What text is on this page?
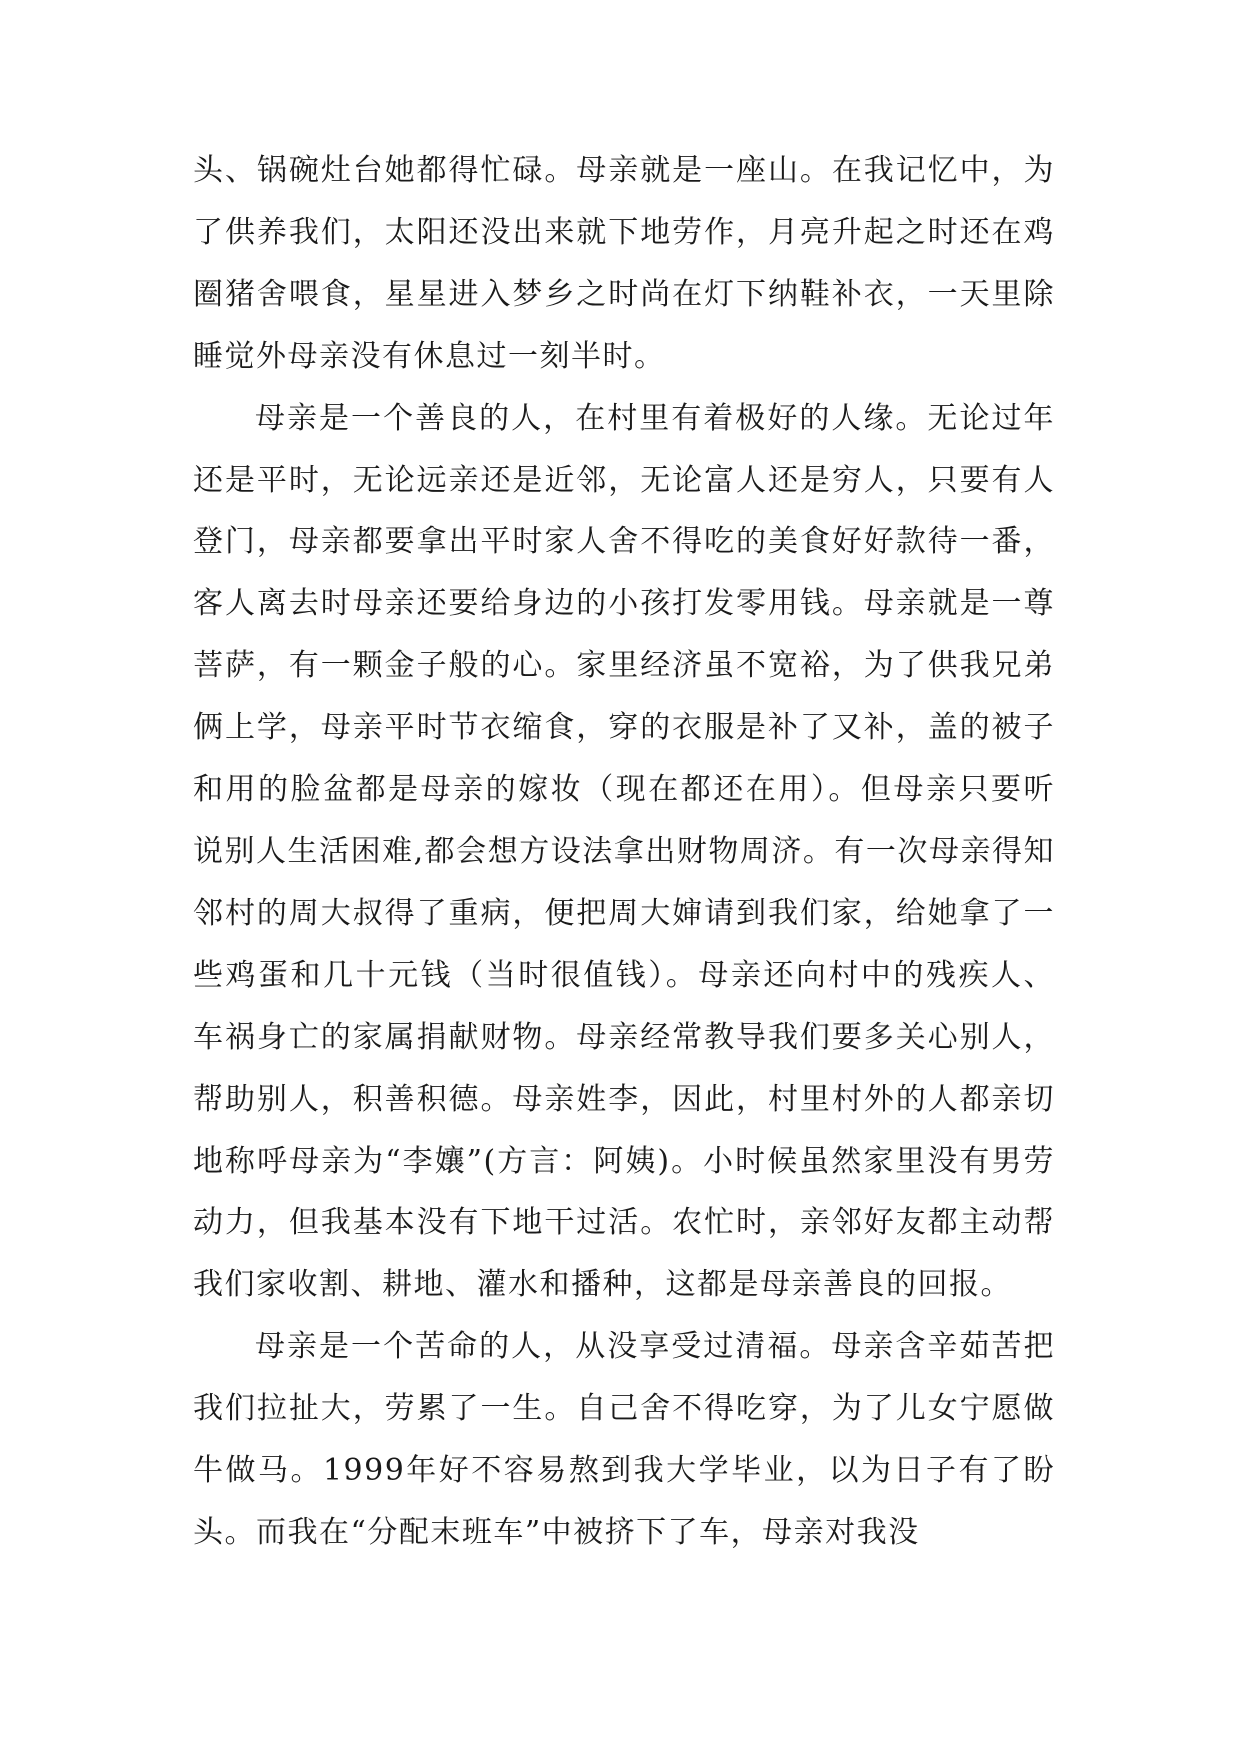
头、锅碗灶台她都得忙碌。母亲就是一座山。在我记忆中，为了供养我们，太阳还没出来就下地劳作，月亮升起之时还在鸡圈猪舍喂食，星星进入梦乡之时尚在灯下纳鞋补衣，一天里除睡觉外母亲没有休息过一刻半时。

母亲是一个善良的人，在村里有着极好的人缘。无论过年还是平时，无论远亲还是近邻，无论富人还是穷人，只要有人登门，母亲都要拿出平时家人舍不得吃的美食好好款待一番，客人离去时母亲还要给身边的小孩打发零用钱。母亲就是一尊菩萨，有一颗金子般的心。家里经济虽不宽裕，为了供我兄弟俩上学，母亲平时节衣缩食，穿的衣服是补了又补，盖的被子和用的脸盆都是母亲的嫁妆（现在都还在用）。但母亲只要听说别人生活困难,都会想方设法拿出财物周济。有一次母亲得知邻村的周大叔得了重病，便把周大婶请到我们家，给她拿了一些鸡蛋和几十元钱（当时很值钱）。母亲还向村中的残疾人、车祸身亡的家属捐献财物。母亲经常教导我们要多关心别人，帮助别人，积善积德。母亲姓李，因此，村里村外的人都亲切地称呼母亲为“李孃”(方言：阿姨)。小时候虽然家里没有男劳动力，但我基本没有下地干过活。农忙时，亲邻好友都主动帮我们家收割、耕地、灌水和播种，这都是母亲善良的回报。

母亲是一个苦命的人，从没享受过清福。母亲含辛茹苦把我们拉扯大，劳累了一生。自己舍不得吃穿，为了儿女宁愿做牛做马。1999年好不容易熬到我大学毕业，以为日子有了盼头。而我在“分配末班车”中被挤下了车，母亲对我没
